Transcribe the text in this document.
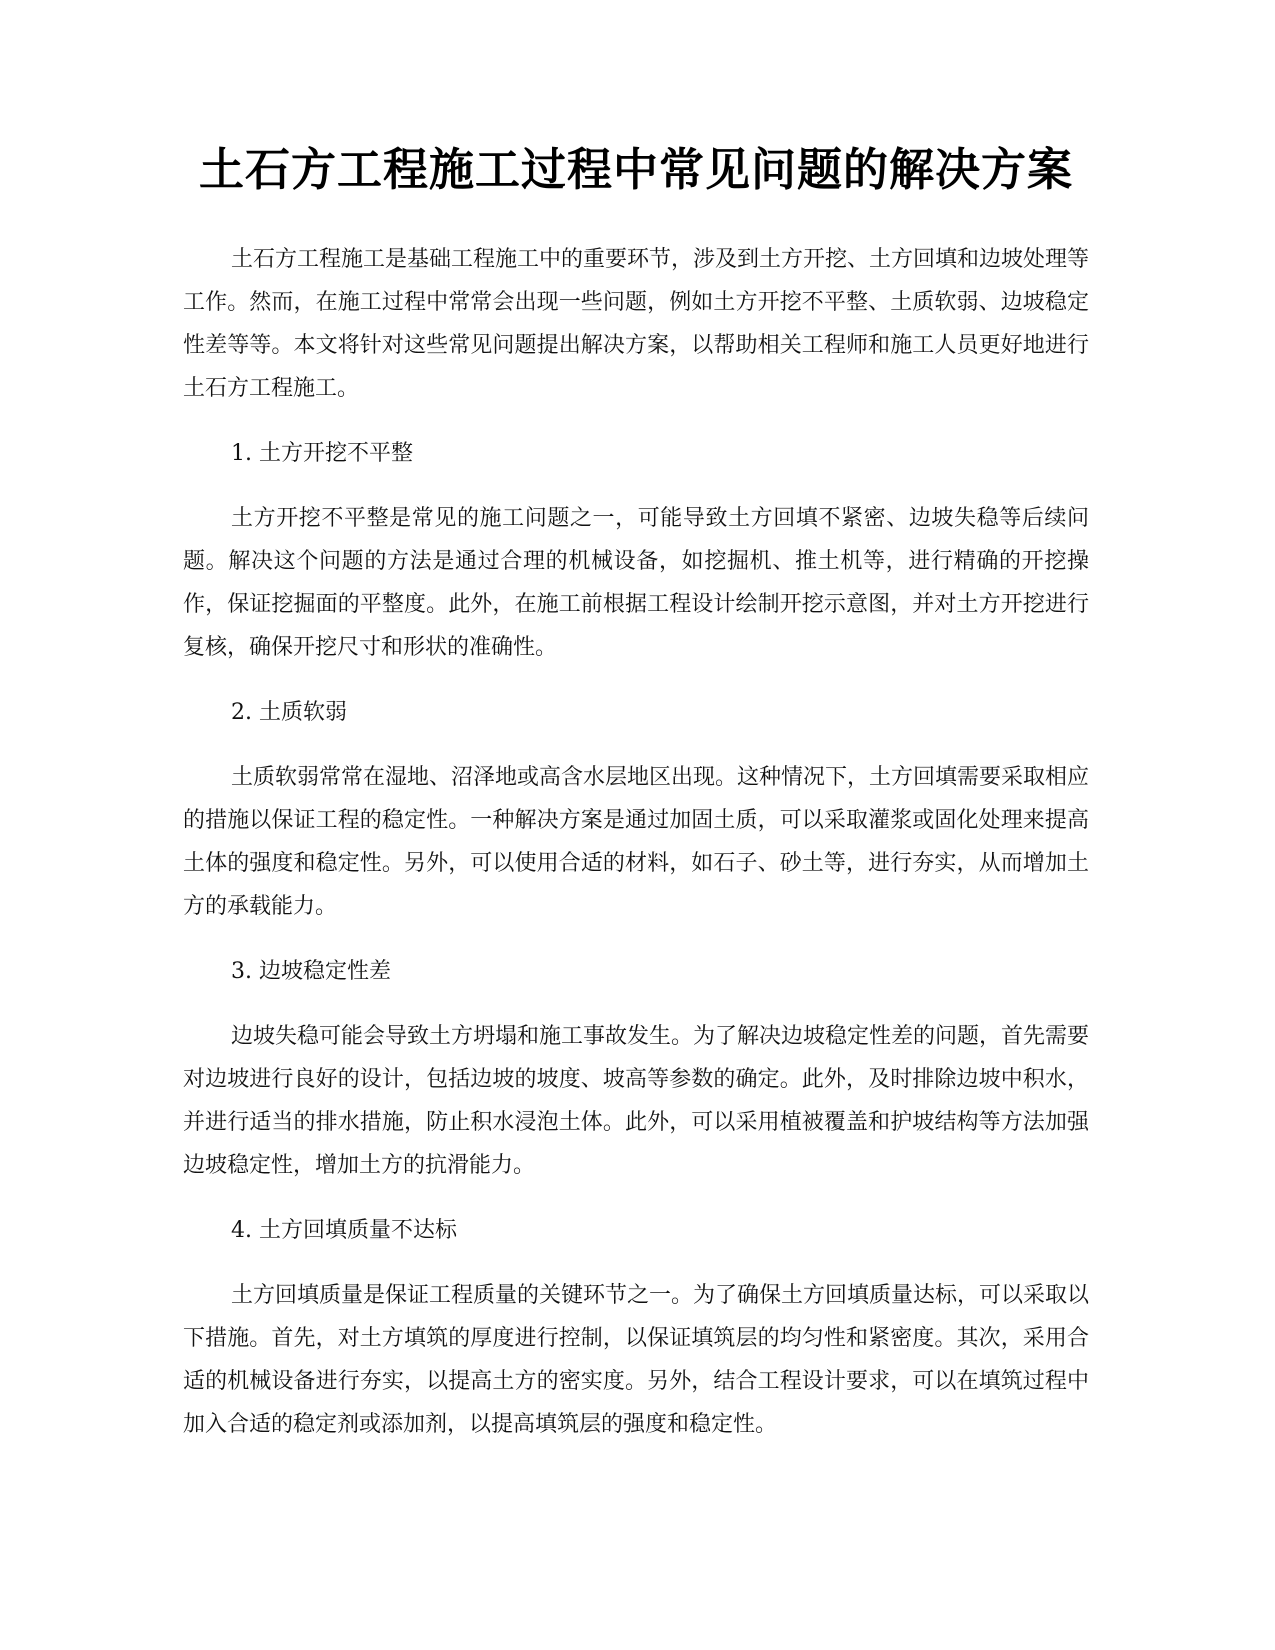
土石方工程施工过程中常见问题的解决方案

土石方工程施工是基础工程施工中的重要环节，涉及到土方开挖、土方回填和边坡处理等工作。然而，在施工过程中常常会出现一些问题，例如土方开挖不平整、土质软弱、边坡稳定性差等等。本文将针对这些常见问题提出解决方案，以帮助相关工程师和施工人员更好地进行土石方工程施工。

1. 土方开挖不平整

土方开挖不平整是常见的施工问题之一，可能导致土方回填不紧密、边坡失稳等后续问题。解决这个问题的方法是通过合理的机械设备，如挖掘机、推土机等，进行精确的开挖操作，保证挖掘面的平整度。此外，在施工前根据工程设计绘制开挖示意图，并对土方开挖进行复核，确保开挖尺寸和形状的准确性。

2. 土质软弱

土质软弱常常在湿地、沼泽地或高含水层地区出现。这种情况下，土方回填需要采取相应的措施以保证工程的稳定性。一种解决方案是通过加固土质，可以采取灌浆或固化处理来提高土体的强度和稳定性。另外，可以使用合适的材料，如石子、砂土等，进行夯实，从而增加土方的承载能力。

3. 边坡稳定性差

边坡失稳可能会导致土方坍塌和施工事故发生。为了解决边坡稳定性差的问题，首先需要对边坡进行良好的设计，包括边坡的坡度、坡高等参数的确定。此外，及时排除边坡中积水，并进行适当的排水措施，防止积水浸泡土体。此外，可以采用植被覆盖和护坡结构等方法加强边坡稳定性，增加土方的抗滑能力。

4. 土方回填质量不达标

土方回填质量是保证工程质量的关键环节之一。为了确保土方回填质量达标，可以采取以下措施。首先，对土方填筑的厚度进行控制，以保证填筑层的均匀性和紧密度。其次，采用合适的机械设备进行夯实，以提高土方的密实度。另外，结合工程设计要求，可以在填筑过程中加入合适的稳定剂或添加剂，以提高填筑层的强度和稳定性。
